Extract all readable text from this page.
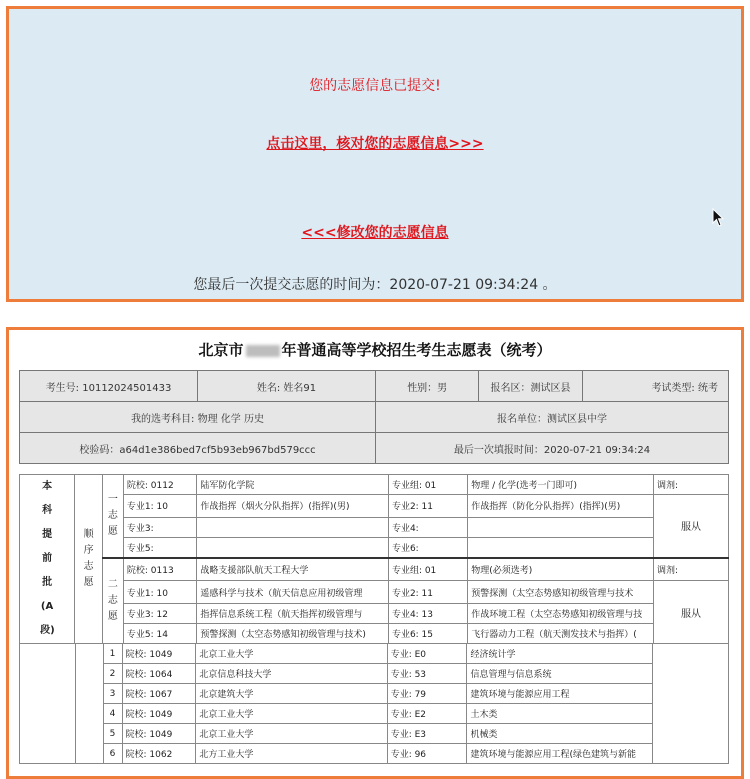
您的志愿信息已提交!
点击这里，核对您的志愿信息>>>
<<<修改您的志愿信息
您最后一次提交志愿的时间为：2020-07-21 09:34:24 。
北京市	年普通高等学校招生考生志愿表（统考）
考生号: 10112024501433	姓名: 姓名91	性别：男	报名区：测试区县	考试类型: 统考
我的选考科目: 物理 化学 历史		报名单位：测试区县中学		
校验码：a64d1e386bed7cf5b93eb967bd579ccc		最后一次填报时间：2020-07-21 09:34:24		
本科提前批(A段)	顺序志愿	一志愿	院校: 0112	陆军防化学院	专业组: 01	物理 / 化学(选考一门即可)	调剂:
			专业1: 10	作战指挥（烟火分队指挥）(指挥)(男)	专业2: 11	作战指挥（防化分队指挥）(指挥)(男)	服从
			专业3:		专业4:		
			专业5:		专业6:		

		二志愿	院校: 0113	战略支援部队航天工程大学	专业组: 01	物理(必须选考)	调剂:
			专业1: 10	遥感科学与技术（航天信息应用初级管理	专业2: 11	预警探测（太空态势感知初级管理与技术	服从
			专业3: 12	指挥信息系统工程（航天指挥初级管理与	专业4: 13	作战环境工程（太空态势感知初级管理与技	
			专业5: 14	预警探测（太空态势感知初级管理与技术)	专业6: 15	飞行器动力工程（航天测发技术与指挥）(	
		1	院校: 1049	北京工业大学	专业: E0	经济统计学	
		2	院校: 1064	北京信息科技大学	专业: 53	信息管理与信息系统	
		3	院校: 1067	北京建筑大学	专业: 79	建筑环境与能源应用工程	
		4	院校: 1049	北京工业大学	专业: E2	土木类	
		5	院校: 1049	北京工业大学	专业: E3	机械类	
		6	院校: 1062	北方工业大学	专业: 96	建筑环境与能源应用工程(绿色建筑与新能	
